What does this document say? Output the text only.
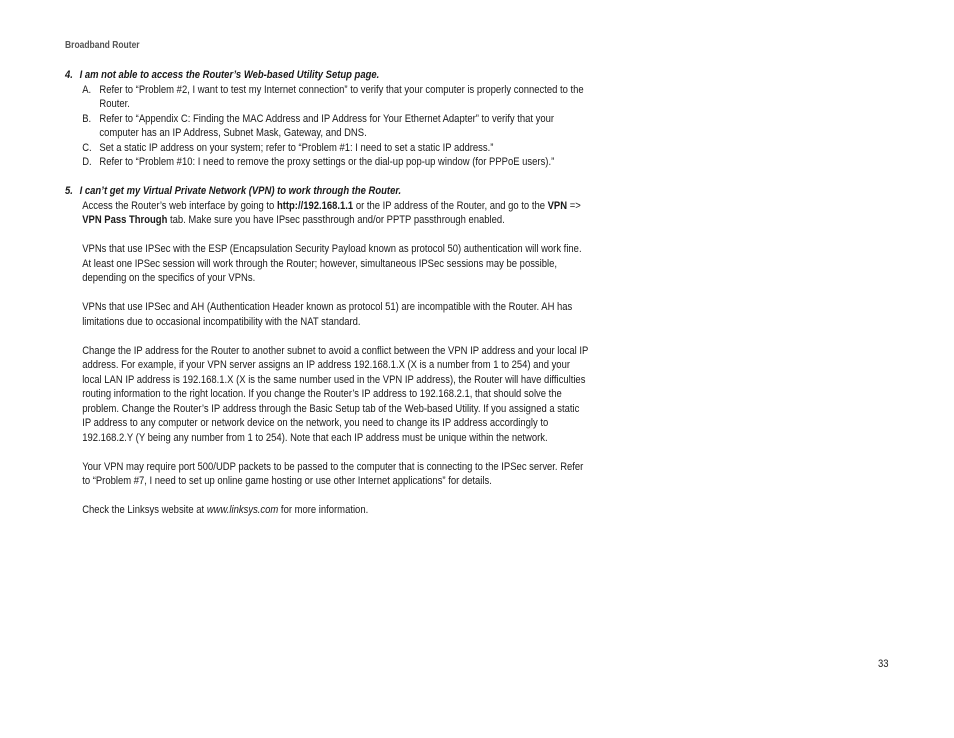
Broadband Router

4. I am not able to access the Router’s Web-based Utility Setup page.

A. Refer to “Problem #2, I want to test my Internet connection” to verify that your computer is properly connected to the Router.

B. Refer to “Appendix C: Finding the MAC Address and IP Address for Your Ethernet Adapter” to verify that your computer has an IP Address, Subnet Mask, Gateway, and DNS.

C. Set a static IP address on your system; refer to “Problem #1: I need to set a static IP address.”

D. Refer to “Problem #10: I need to remove the proxy settings or the dial-up pop-up window (for PPPoE users).”

5. I can’t get my Virtual Private Network (VPN) to work through the Router.

Access the Router’s web interface by going to http://192.168.1.1 or the IP address of the Router, and go to the VPN => VPN Pass Through tab. Make sure you have IPsec passthrough and/or PPTP passthrough enabled.

VPNs that use IPSec with the ESP (Encapsulation Security Payload known as protocol 50) authentication will work fine. At least one IPSec session will work through the Router; however, simultaneous IPSec sessions may be possible, depending on the specifics of your VPNs.

VPNs that use IPSec and AH (Authentication Header known as protocol 51) are incompatible with the Router. AH has limitations due to occasional incompatibility with the NAT standard.

Change the IP address for the Router to another subnet to avoid a conflict between the VPN IP address and your local IP address. For example, if your VPN server assigns an IP address 192.168.1.X (X is a number from 1 to 254) and your local LAN IP address is 192.168.1.X (X is the same number used in the VPN IP address), the Router will have difficulties routing information to the right location. If you change the Router’s IP address to 192.168.2.1, that should solve the problem. Change the Router’s IP address through the Basic Setup tab of the Web-based Utility. If you assigned a static IP address to any computer or network device on the network, you need to change its IP address accordingly to 192.168.2.Y (Y being any number from 1 to 254). Note that each IP address must be unique within the network.

Your VPN may require port 500/UDP packets to be passed to the computer that is connecting to the IPSec server. Refer to “Problem #7, I need to set up online game hosting or use other Internet applications” for details.

Check the Linksys website at www.linksys.com for more information.

33
